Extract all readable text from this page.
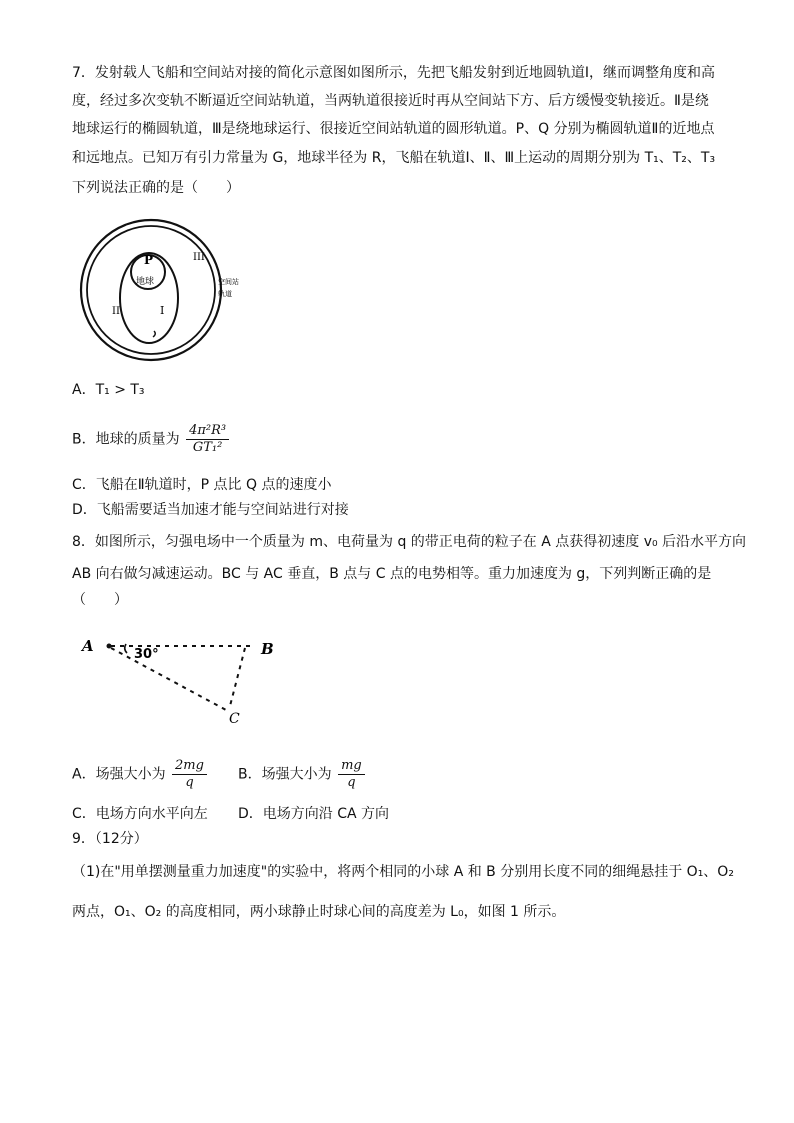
7．发射载人飞船和空间站对接的简化示意图如图所示，先把飞船发射到近地圆轨道Ⅰ，继而调整角度和高
度，经过多次变轨不断逼近空间站轨道，当两轨道很接近时再从空间站下方、后方缓慢变轨接近。Ⅱ是绕
地球运行的椭圆轨道，Ⅲ是绕地球运行、很接近空间站轨道的圆形轨道。P、Q 分别为椭圆轨道Ⅱ的近地点
和远地点。已知万有引力常量为 G，地球半径为 R，飞船在轨道Ⅰ、Ⅱ、Ⅲ上运动的周期分别为 T₁、T₂、T₃
下列说法正确的是（　　）
P
地球
I
II
III
空间站
轨道
A．T₁ > T₃
B．地球的质量为 $\frac{\text{4π²R³}}{\text{GT₁²}}$
C．飞船在Ⅱ轨道时，P 点比 Q 点的速度小
D．飞船需要适当加速才能与空间站进行对接
8．如图所示，匀强电场中一个质量为 m、电荷量为 q 的带正电荷的粒子在 A 点获得初速度 v₀ 后沿水平方向
AB 向右做匀减速运动。BC 与 AC 垂直，B 点与 C 点的电势相等。重力加速度为 g，下列判断正确的是
（　　）
A	30°	B
C
A．场强大小为 $\frac{2mg}{q}$ B．场强大小为 $\frac{mg}{q}$
C．电场方向水平向左 D．电场方向沿 CA 方向
9．（12分）
（1)在"用单摆测量重力加速度"的实验中，将两个相同的小球 A 和 B 分别用长度不同的细绳悬挂于 O₁、O₂
两点，O₁、O₂ 的高度相同，两小球静止时球心间的高度差为 L₀，如图 1 所示。
